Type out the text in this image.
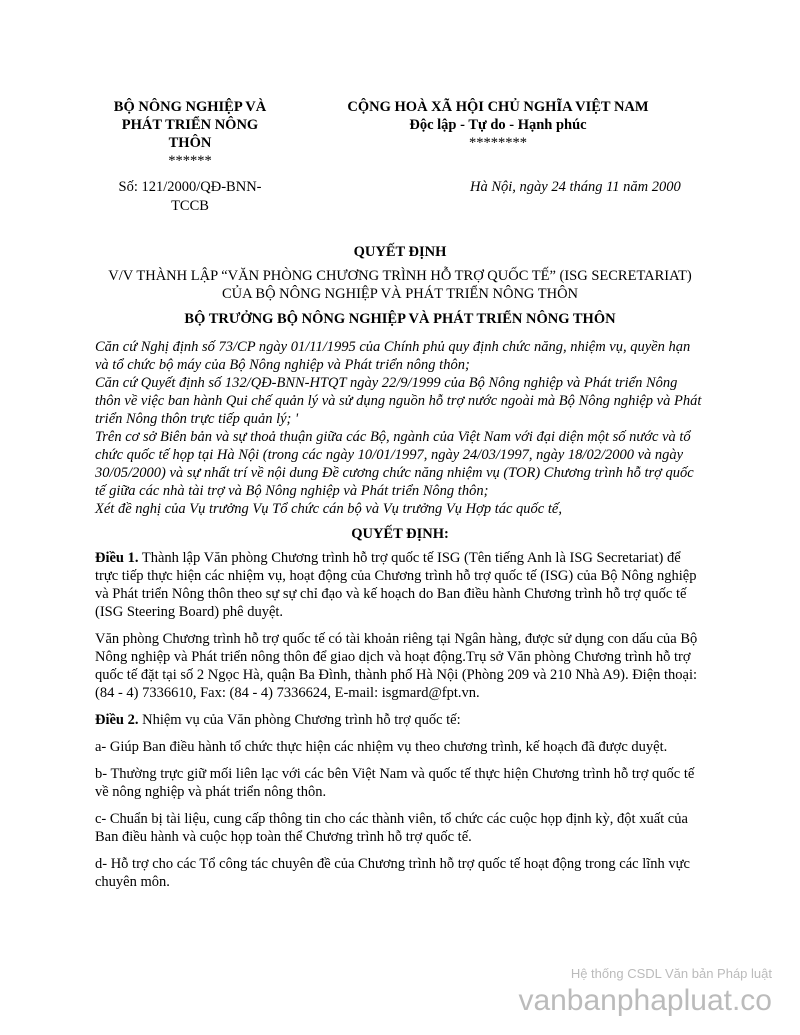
BỘ NÔNG NGHIỆP VÀ
PHÁT TRIỂN NÔNG
THÔN
******
CỘNG HOÀ XÃ HỘI CHỦ NGHĨA VIỆT NAM
Độc lập - Tự do - Hạnh phúc
********
Số: 121/2000/QĐ-BNN-
TCCB
Hà Nội, ngày 24 tháng 11 năm 2000

QUYẾT ĐỊNH

V/V THÀNH LẬP “VĂN PHÒNG CHƯƠNG TRÌNH HỖ TRỢ QUỐC TẾ” (ISG SECRETARIAT) CỦA BỘ NÔNG NGHIỆP VÀ PHÁT TRIỂN NÔNG THÔN

BỘ TRƯỞNG BỘ NÔNG NGHIỆP VÀ PHÁT TRIỂN NÔNG THÔN

Căn cứ Nghị định số 73/CP ngày 01/11/1995 của Chính phủ quy định chức năng, nhiệm vụ, quyền hạn và tổ chức bộ máy của Bộ Nông nghiệp và Phát triển nông thôn;

Căn cứ Quyết định số 132/QĐ-BNN-HTQT ngày 22/9/1999 của Bộ Nông nghiệp và Phát triển Nông thôn về việc ban hành Qui chế quản lý và sử dụng nguồn hỗ trợ nước ngoài mà Bộ Nông nghiệp và Phát triển Nông thôn trực tiếp quản lý; '

Trên cơ sở Biên bản và sự thoả thuận giữa các Bộ, ngành của Việt Nam với đại diện một số nước và tổ chức quốc tế họp tại Hà Nội (trong các ngày 10/01/1997, ngày 24/03/1997, ngày 18/02/2000 và ngày 30/05/2000) và sự nhất trí về nội dung Đề cương chức năng nhiệm vụ (TOR) Chương trình hỗ trợ quốc tế giữa các nhà tài trợ và Bộ Nông nghiệp và Phát triển Nông thôn;

Xét đề nghị của Vụ trưởng Vụ Tổ chức cán bộ và Vụ trưởng Vụ Hợp tác quốc tế,

QUYẾT ĐỊNH:

Điều 1. Thành lập Văn phòng Chương trình hỗ trợ quốc tế ISG (Tên tiếng Anh là ISG Secretariat) để trực tiếp thực hiện các nhiệm vụ, hoạt động của Chương trình hỗ trợ quốc tế (ISG) của Bộ Nông nghiệp và Phát triển Nông thôn theo sự sự chỉ đạo và kế hoạch do Ban điều hành Chương trình hỗ trợ quốc tế (ISG Steering Board) phê duyệt.

Văn phòng Chương trình hỗ trợ quốc tế có tài khoản riêng tại Ngân hàng, được sử dụng con dấu của Bộ Nông nghiệp và Phát triển nông thôn để giao dịch và hoạt động.Trụ sở Văn phòng Chương trình hỗ trợ quốc tế đặt tại số 2 Ngọc Hà, quận Ba Đình, thành phố Hà Nội (Phòng 209 và 210 Nhà A9). Điện thoại: (84 - 4) 7336610, Fax: (84 - 4) 7336624, E-mail: isgmard@fpt.vn.

Điều 2. Nhiệm vụ của Văn phòng Chương trình hỗ trợ quốc tế:

a- Giúp Ban điều hành tổ chức thực hiện các nhiệm vụ theo chương trình, kế hoạch đã được duyệt.

b- Thường trực giữ mối liên lạc với các bên Việt Nam và quốc tế thực hiện Chương trình hỗ trợ quốc tế về nông nghiệp và phát triển nông thôn.

c- Chuẩn bị tài liệu, cung cấp thông tin cho các thành viên, tổ chức các cuộc họp định kỳ, đột xuất của Ban điều hành và cuộc họp toàn thể Chương trình hỗ trợ quốc tế.

d- Hỗ trợ cho các Tổ công tác chuyên đề của Chương trình hỗ trợ quốc tế hoạt động trong các lĩnh vực chuyên môn.

Hệ thống CSDL Văn bản Pháp luật
vanbanphapluat.co
